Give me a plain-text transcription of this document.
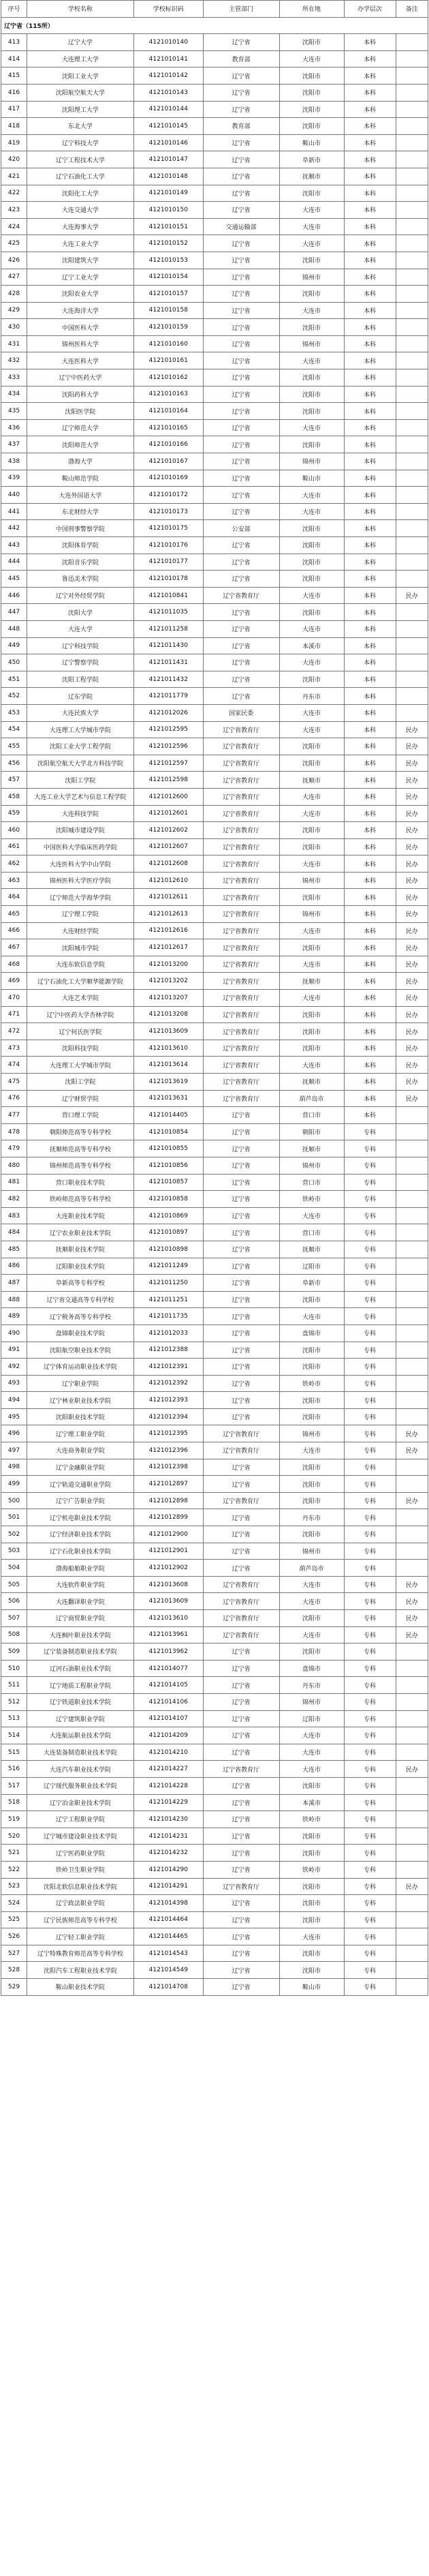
序号	学校名称	学校标识码	主管部门	所在地	办学层次	备注
辽宁省（115所）						
413	辽宁大学	4121010140	辽宁省	沈阳市	本科	
414	大连理工大学	4121010141	教育部	大连市	本科	
415	沈阳工业大学	4121010142	辽宁省	沈阳市	本科	
416	沈阳航空航天大学	4121010143	辽宁省	沈阳市	本科	
417	沈阳理工大学	4121010144	辽宁省	沈阳市	本科	
418	东北大学	4121010145	教育部	沈阳市	本科	
419	辽宁科技大学	4121010146	辽宁省	鞍山市	本科	
420	辽宁工程技术大学	4121010147	辽宁省	阜新市	本科	
421	辽宁石油化工大学	4121010148	辽宁省	抚顺市	本科	
422	沈阳化工大学	4121010149	辽宁省	沈阳市	本科	
423	大连交通大学	4121010150	辽宁省	大连市	本科	
424	大连海事大学	4121010151	交通运输部	大连市	本科	
425	大连工业大学	4121010152	辽宁省	大连市	本科	
426	沈阳建筑大学	4121010153	辽宁省	沈阳市	本科	
427	辽宁工业大学	4121010154	辽宁省	锦州市	本科	
428	沈阳农业大学	4121010157	辽宁省	沈阳市	本科	
429	大连海洋大学	4121010158	辽宁省	大连市	本科	
430	中国医科大学	4121010159	辽宁省	沈阳市	本科	
431	锦州医科大学	4121010160	辽宁省	锦州市	本科	
432	大连医科大学	4121010161	辽宁省	大连市	本科	
433	辽宁中医药大学	4121010162	辽宁省	沈阳市	本科	
434	沈阳药科大学	4121010163	辽宁省	沈阳市	本科	
435	沈阳医学院	4121010164	辽宁省	沈阳市	本科	
436	辽宁师范大学	4121010165	辽宁省	大连市	本科	
437	沈阳师范大学	4121010166	辽宁省	沈阳市	本科	
438	渤海大学	4121010167	辽宁省	锦州市	本科	
439	鞍山师范学院	4121010169	辽宁省	鞍山市	本科	
440	大连外国语大学	4121010172	辽宁省	大连市	本科	
441	东北财经大学	4121010173	辽宁省	大连市	本科	
442	中国刑事警察学院	4121010175	公安部	沈阳市	本科	
443	沈阳体育学院	4121010176	辽宁省	沈阳市	本科	
444	沈阳音乐学院	4121010177	辽宁省	沈阳市	本科	
445	鲁迅美术学院	4121010178	辽宁省	沈阳市	本科	
446	辽宁对外经贸学院	4121010841	辽宁省教育厅	大连市	本科	民办
447	沈阳大学	4121011035	辽宁省	沈阳市	本科	
448	大连大学	4121011258	辽宁省	大连市	本科	
449	辽宁科技学院	4121011430	辽宁省	本溪市	本科	
450	辽宁警察学院	4121011431	辽宁省	大连市	本科	
451	沈阳工程学院	4121011432	辽宁省	沈阳市	本科	
452	辽东学院	4121011779	辽宁省	丹东市	本科	
453	大连民族大学	4121012026	国家民委	大连市	本科	
454	大连理工大学城市学院	4121012595	辽宁省教育厅	大连市	本科	民办
455	沈阳工业大学工程学院	4121012596	辽宁省教育厅	沈阳市	本科	民办
456	沈阳航空航天大学北方科技学院	4121012597	辽宁省教育厅	沈阳市	本科	民办
457	沈阳工学院	4121012598	辽宁省教育厅	抚顺市	本科	民办
458	大连工业大学艺术与信息工程学院	4121012600	辽宁省教育厅	大连市	本科	民办
459	大连科技学院	4121012601	辽宁省教育厅	大连市	本科	民办
460	沈阳城市建设学院	4121012602	辽宁省教育厅	沈阳市	本科	民办
461	中国医科大学临床医药学院	4121012607	辽宁省教育厅	沈阳市	本科	民办
462	大连医科大学中山学院	4121012608	辽宁省教育厅	大连市	本科	民办
463	锦州医科大学医疗学院	4121012610	辽宁省教育厅	锦州市	本科	民办
464	辽宁师范大学海华学院	4121012611	辽宁省教育厅	沈阳市	本科	民办
465	辽宁理工学院	4121012613	辽宁省教育厅	锦州市	本科	民办
466	大连财经学院	4121012616	辽宁省教育厅	大连市	本科	民办
467	沈阳城市学院	4121012617	辽宁省教育厅	沈阳市	本科	民办
468	大连东软信息学院	4121013200	辽宁省教育厅	大连市	本科	民办
469	辽宁石油化工大学顺华能源学院	4121013202	辽宁省教育厅	抚顺市	本科	民办
470	大连艺术学院	4121013207	辽宁省教育厅	大连市	本科	民办
471	辽宁中医药大学杏林学院	4121013208	辽宁省教育厅	沈阳市	本科	民办
472	辽宁何氏医学院	4121013609	辽宁省教育厅	沈阳市	本科	民办
473	沈阳科技学院	4121013610	辽宁省教育厅	沈阳市	本科	民办
474	大连理工大学城市学院	4121013614	辽宁省教育厅	大连市	本科	民办
475	沈阳工学院	4121013619	辽宁省教育厅	抚顺市	本科	民办
476	辽宁财贸学院	4121013631	辽宁省教育厅	葫芦岛市	本科	民办
477	营口理工学院	4121014405	辽宁省	营口市	本科	
478	朝阳师范高等专科学校	4121010854	辽宁省	朝阳市	专科	
479	抚顺师范高等专科学校	4121010855	辽宁省	抚顺市	专科	
480	锦州师范高等专科学校	4121010856	辽宁省	锦州市	专科	
481	营口职业技术学院	4121010857	辽宁省	营口市	专科	
482	铁岭师范高等专科学校	4121010858	辽宁省	铁岭市	专科	
483	大连职业技术学院	4121010869	辽宁省	大连市	专科	
484	辽宁农业职业技术学院	4121010897	辽宁省	营口市	专科	
485	抚顺职业技术学院	4121010898	辽宁省	抚顺市	专科	
486	辽阳职业技术学院	4121011249	辽宁省	辽阳市	专科	
487	阜新高等专科学校	4121011250	辽宁省	阜新市	专科	
488	辽宁省交通高等专科学校	4121011251	辽宁省	沈阳市	专科	
489	辽宁税务高等专科学校	4121011735	辽宁省	大连市	专科	
490	盘锦职业技术学院	4121012033	辽宁省	盘锦市	专科	
491	沈阳航空职业技术学院	4121012388	辽宁省	沈阳市	专科	
492	辽宁体育运动职业技术学院	4121012391	辽宁省	沈阳市	专科	
493	辽宁职业学院	4121012392	辽宁省	铁岭市	专科	
494	辽宁林业职业技术学院	4121012393	辽宁省	沈阳市	专科	
495	沈阳职业技术学院	4121012394	辽宁省	沈阳市	专科	
496	辽宁理工职业学院	4121012395	辽宁省教育厅	锦州市	专科	民办
497	大连商务职业学院	4121012396	辽宁省教育厅	大连市	专科	民办
498	辽宁金融职业学院	4121012398	辽宁省	沈阳市	专科	
499	辽宁轨道交通职业学院	4121012897	辽宁省	沈阳市	专科	
500	辽宁广告职业学院	4121012898	辽宁省教育厅	沈阳市	专科	民办
501	辽宁机电职业技术学院	4121012899	辽宁省	丹东市	专科	
502	辽宁经济职业技术学院	4121012900	辽宁省	沈阳市	专科	
503	辽宁石化职业技术学院	4121012901	辽宁省	锦州市	专科	
504	渤海船舶职业学院	4121012902	辽宁省	葫芦岛市	专科	
505	大连软件职业学院	4121013608	辽宁省教育厅	大连市	专科	民办
506	大连翻译职业学院	4121013609	辽宁省教育厅	大连市	专科	民办
507	辽宁商贸职业学院	4121013610	辽宁省教育厅	沈阳市	专科	民办
508	大连枫叶职业技术学院	4121013961	辽宁省教育厅	大连市	专科	民办
509	辽宁装备制造职业技术学院	4121013962	辽宁省	沈阳市	专科	
510	辽河石油职业技术学院	4121014077	辽宁省	盘锦市	专科	
511	辽宁地质工程职业学院	4121014105	辽宁省	丹东市	专科	
512	辽宁铁道职业技术学院	4121014106	辽宁省	锦州市	专科	
513	辽宁建筑职业学院	4121014107	辽宁省	辽阳市	专科	
514	大连航运职业技术学院	4121014209	辽宁省	大连市	专科	
515	大连装备制造职业技术学院	4121014210	辽宁省	大连市	专科	
516	大连汽车职业技术学院	4121014227	辽宁省教育厅	大连市	专科	民办
517	辽宁现代服务职业技术学院	4121014228	辽宁省	沈阳市	专科	
518	辽宁冶金职业技术学院	4121014229	辽宁省	本溪市	专科	
519	辽宁工程职业学院	4121014230	辽宁省	铁岭市	专科	
520	辽宁城市建设职业技术学院	4121014231	辽宁省	沈阳市	专科	
521	辽宁医药职业学院	4121014232	辽宁省	沈阳市	专科	
522	铁岭卫生职业学院	4121014290	辽宁省	铁岭市	专科	
523	沈阳北软信息职业技术学院	4121014291	辽宁省教育厅	沈阳市	专科	民办
524	辽宁政法职业学院	4121014398	辽宁省	沈阳市	专科	
525	辽宁民族师范高等专科学校	4121014464	辽宁省	沈阳市	专科	
526	辽宁轻工职业学院	4121014465	辽宁省	大连市	专科	
527	辽宁特殊教育师范高等专科学校	4121014543	辽宁省	沈阳市	专科	
528	沈阳汽车工程职业技术学院	4121014549	辽宁省	沈阳市	专科	
529	鞍山职业技术学院	4121014708	辽宁省	鞍山市	专科	
